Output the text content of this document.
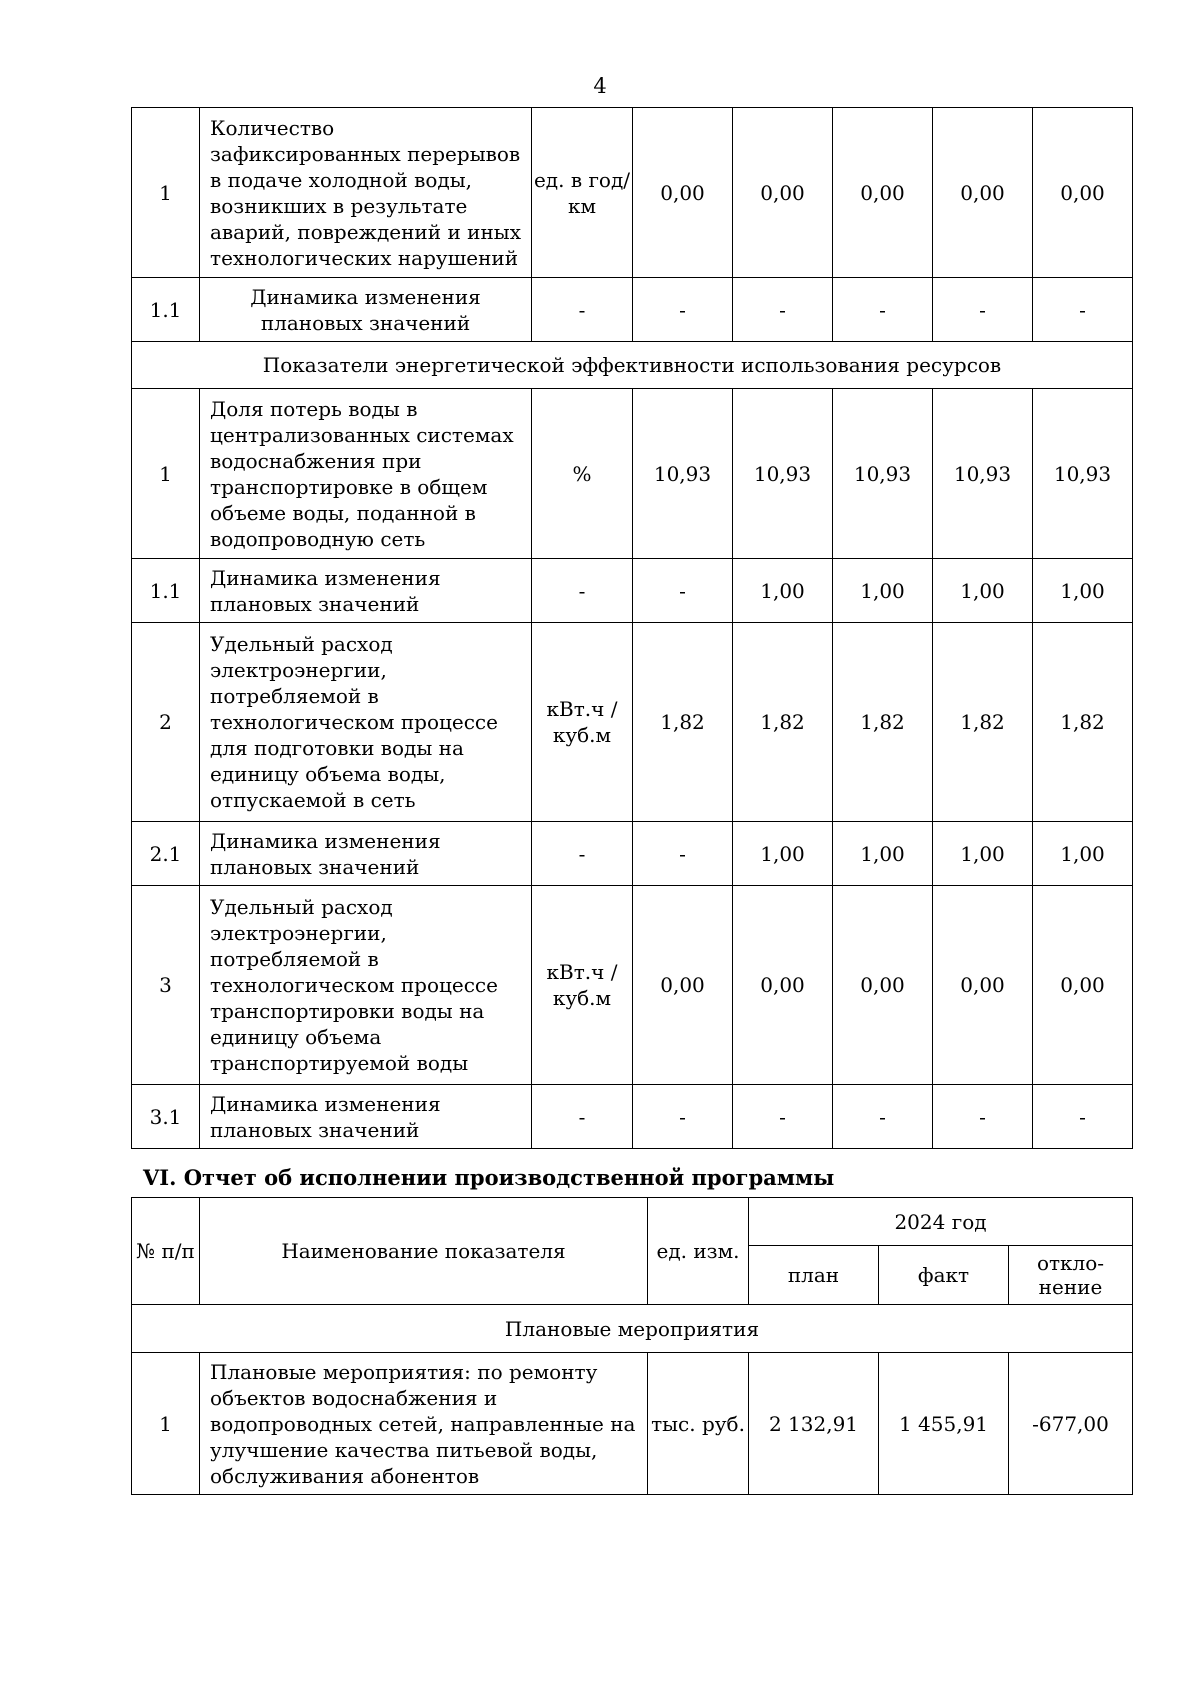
4
1	Количество зафиксированных перерывов в подаче холодной воды, возникших в результате аварий, повреждений и иных технологических нарушений	ед. в год/ км	0,00	0,00	0,00	0,00	0,00
1.1	Динамика изменения плановых значений	-	-	-	-	-	-
Показатели энергетической эффективности использования ресурсов							
1	Доля потерь воды в централизованных системах водоснабжения при транспортировке в общем объеме воды, поданной в водопроводную сеть	%	10,93	10,93	10,93	10,93	10,93
1.1	Динамика изменения плановых значений	-	-	1,00	1,00	1,00	1,00
2	Удельный расход электроэнергии, потребляемой в технологическом процессе для подготовки воды на единицу объема воды, отпускаемой в сеть	кВт.ч / куб.м	1,82	1,82	1,82	1,82	1,82
2.1	Динамика изменения плановых значений	-	-	1,00	1,00	1,00	1,00
3	Удельный расход электроэнергии, потребляемой в технологическом процессе транспортировки воды на единицу объема транспортируемой воды	кВт.ч / куб.м	0,00	0,00	0,00	0,00	0,00
3.1	Динамика изменения плановых значений	-	-	-	-	-	-
VI. Отчет об исполнении производственной программы
№ п/п	Наименование показателя	ед. изм.	2024 год		
			план	факт	откло-нение
Плановые мероприятия					
1	Плановые мероприятия: по ремонту объектов водоснабжения и водопроводных сетей, направленные на улучшение качества питьевой воды, обслуживания абонентов	тыс. руб.	2 132,91	1 455,91	-677,00
